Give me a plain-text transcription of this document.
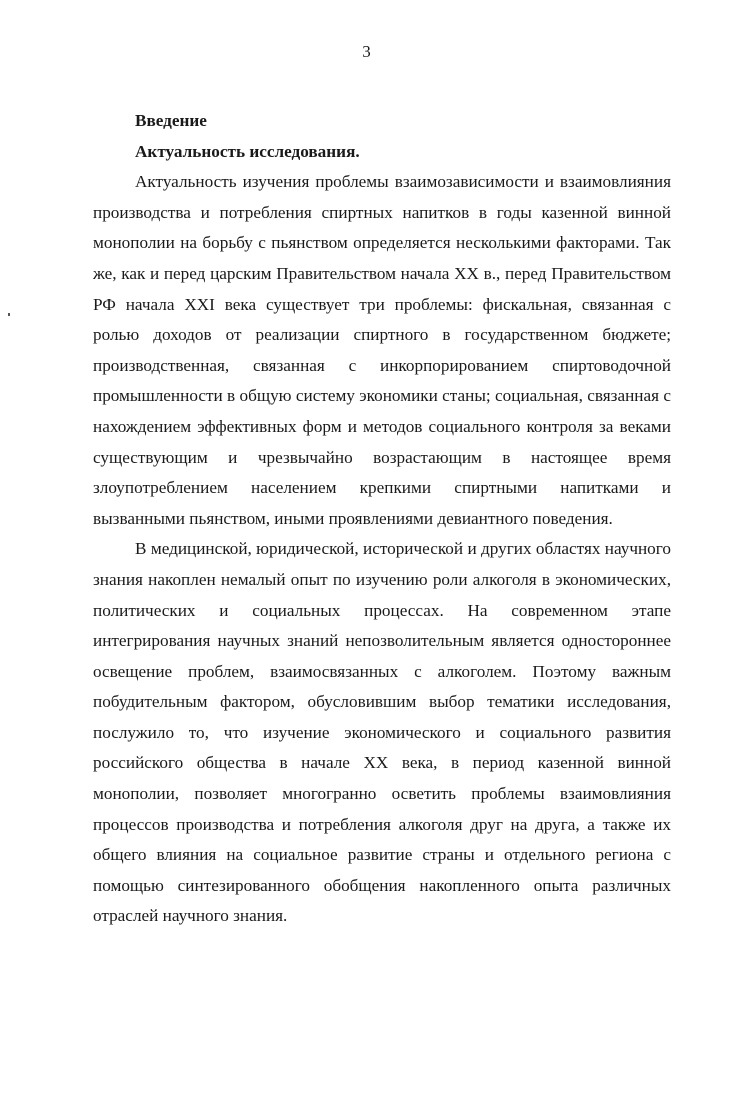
3

Введение

Актуальность исследования.

Актуальность изучения проблемы взаимозависимости и взаимовлияния производства и потребления спиртных напитков в годы казенной винной монополии на борьбу с пьянством определяется несколькими факторами. Так же, как и перед царским Правительством начала XX в., перед Правительством РФ начала XXI века существует три проблемы: фискальная, связанная с ролью доходов от реализации спиртного в государственном бюджете; производственная, связанная с инкорпорированием спиртоводочной промышленности в общую систему экономики станы; социальная, связанная с нахождением эффективных форм и методов социального контроля за веками существующим и чрезвычайно возрастающим в настоящее время злоупотреблением населением крепкими спиртными напитками и вызванными пьянством, иными проявлениями девиантного поведения.

В медицинской, юридической, исторической и других областях научного знания накоплен немалый опыт по изучению роли алкоголя в экономических, политических и социальных процессах. На современном этапе интегрирования научных знаний непозволительным является одностороннее освещение проблем, взаимосвязанных с алкоголем. Поэтому важным побудительным фактором, обусловившим выбор тематики исследования, послужило то, что изучение экономического и социального развития российского общества в начале XX века, в период казенной винной монополии, позволяет многогранно осветить проблемы взаимовлияния процессов производства и потребления алкоголя друг на друга, а также их общего влияния на социальное развитие страны и отдельного региона с помощью синтезированного обобщения накопленного опыта различных отраслей научного знания.
